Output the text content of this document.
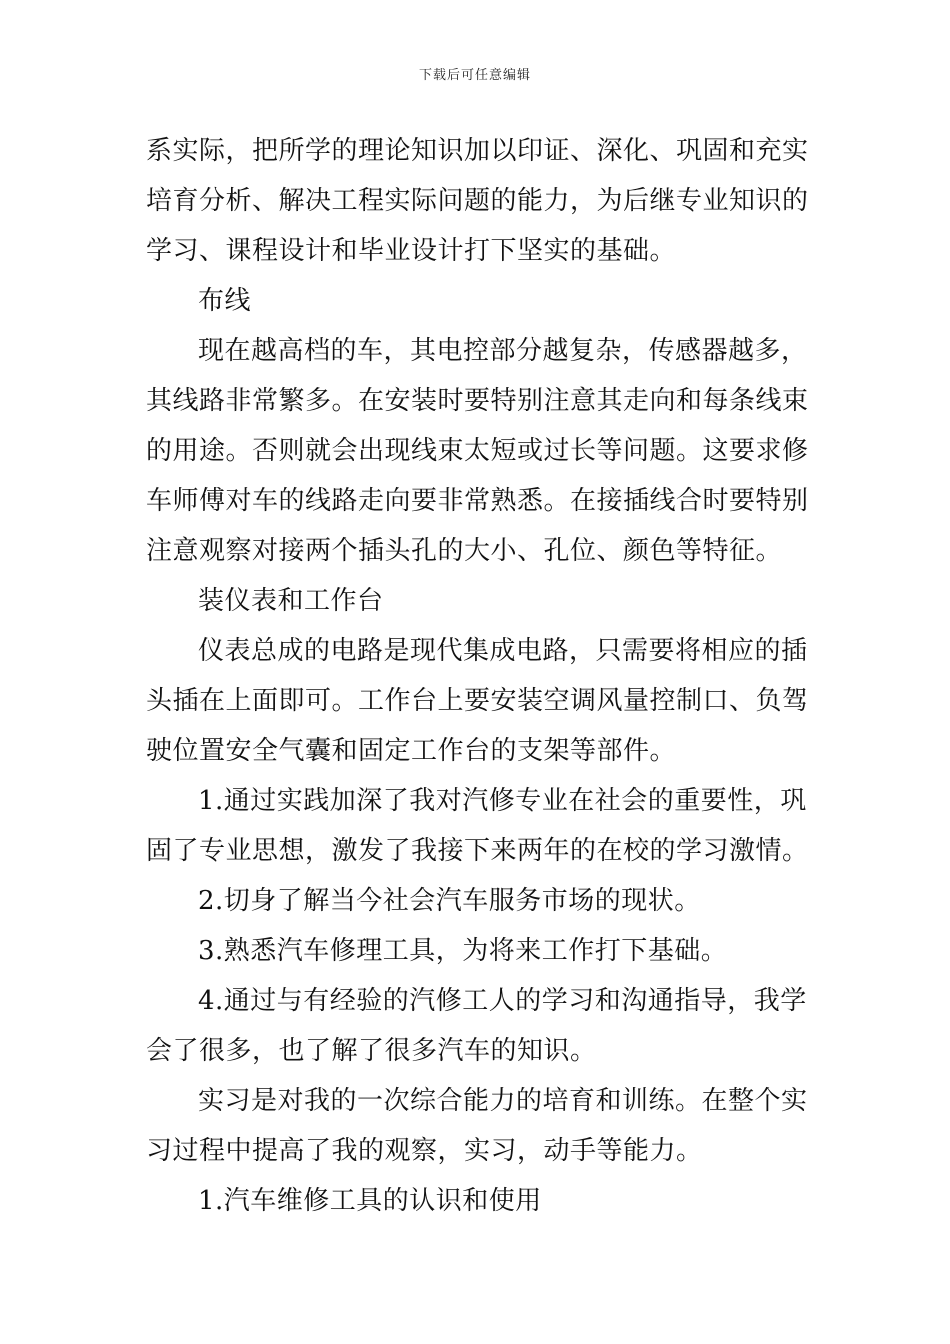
下载后可任意编辑
系实际，把所学的理论知识加以印证、深化、巩固和充实
培育分析、解决工程实际问题的能力，为后继专业知识的
学习、课程设计和毕业设计打下坚实的基础。
布线
现在越高档的车，其电控部分越复杂，传感器越多，
其线路非常繁多。在安装时要特别注意其走向和每条线束
的用途。否则就会出现线束太短或过长等问题。这要求修
车师傅对车的线路走向要非常熟悉。在接插线合时要特别
注意观察对接两个插头孔的大小、孔位、颜色等特征。
装仪表和工作台
仪表总成的电路是现代集成电路，只需要将相应的插
头插在上面即可。工作台上要安装空调风量控制口、负驾
驶位置安全气囊和固定工作台的支架等部件。
1.通过实践加深了我对汽修专业在社会的重要性，巩
固了专业思想，激发了我接下来两年的在校的学习激情。
2.切身了解当今社会汽车服务市场的现状。
3.熟悉汽车修理工具，为将来工作打下基础。
4.通过与有经验的汽修工人的学习和沟通指导，我学
会了很多，也了解了很多汽车的知识。
实习是对我的一次综合能力的培育和训练。在整个实
习过程中提高了我的观察，实习，动手等能力。
1.汽车维修工具的认识和使用
